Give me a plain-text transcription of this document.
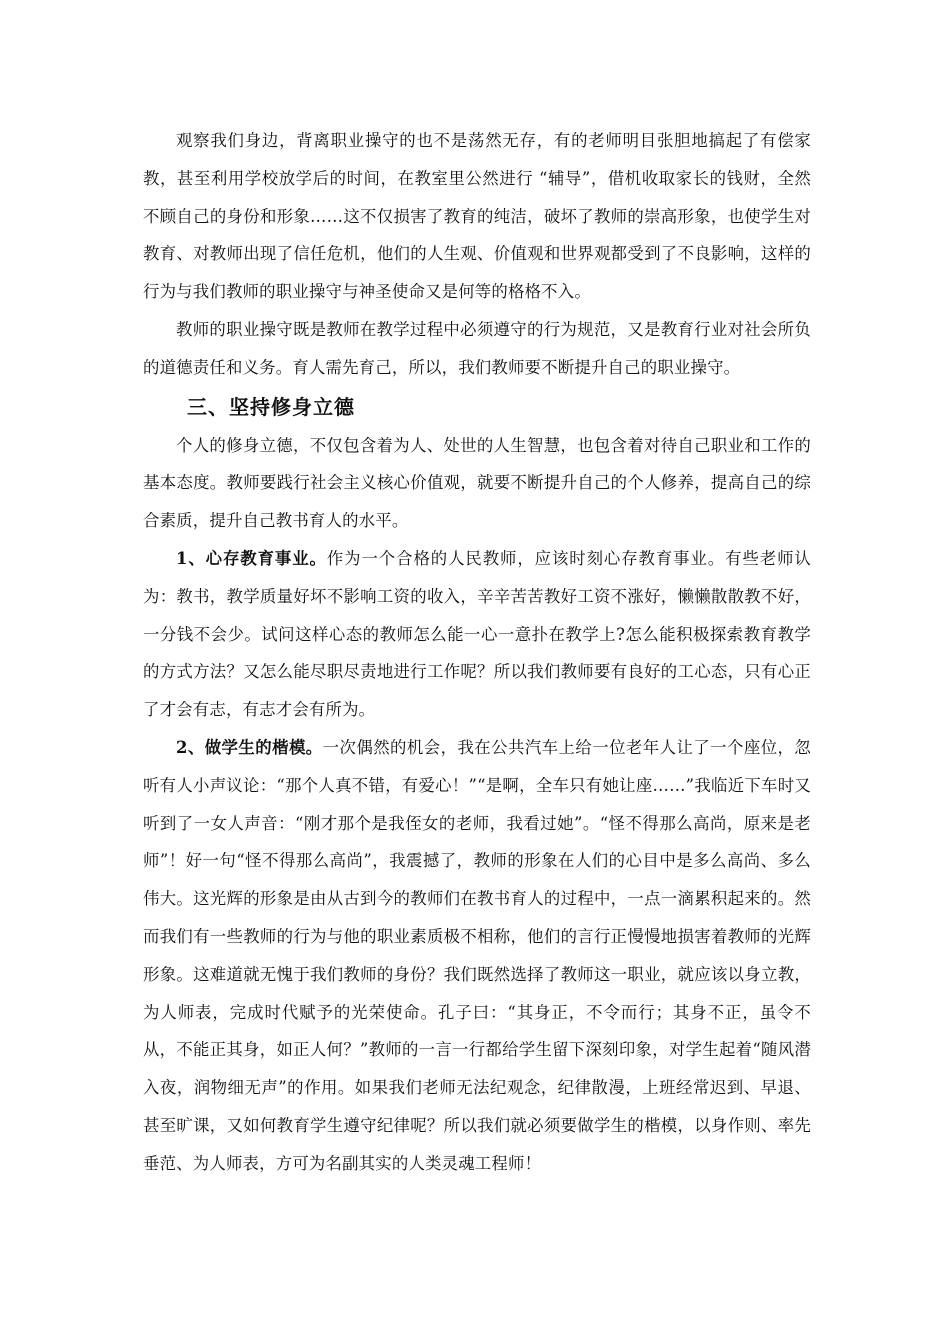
观察我们身边，背离职业操守的也不是荡然无存，有的老师明目张胆地搞起了有偿家教，甚至利用学校放学后的时间，在教室里公然进行 “辅导”，借机收取家长的钱财，全然不顾自己的身份和形象……这不仅损害了教育的纯洁，破坏了教师的崇高形象，也使学生对教育、对教师出现了信任危机，他们的人生观、价值观和世界观都受到了不良影响，这样的行为与我们教师的职业操守与神圣使命又是何等的格格不入。

教师的职业操守既是教师在教学过程中必须遵守的行为规范，又是教育行业对社会所负的道德责任和义务。育人需先育己，所以，我们教师要不断提升自己的职业操守。

三、坚持修身立德

个人的修身立德，不仅包含着为人、处世的人生智慧，也包含着对待自己职业和工作的基本态度。教师要践行社会主义核心价值观，就要不断提升自己的个人修养，提高自己的综合素质，提升自己教书育人的水平。

1、心存教育事业。作为一个合格的人民教师，应该时刻心存教育事业。有些老师认为：教书，教学质量好坏不影响工资的收入，辛辛苦苦教好工资不涨好，懒懒散散教不好，一分钱不会少。试问这样心态的教师怎么能一心一意扑在教学上?怎么能积极探索教育教学的方式方法？又怎么能尽职尽责地进行工作呢？所以我们教师要有良好的工心态，只有心正了才会有志，有志才会有所为。

2、做学生的楷模。一次偶然的机会，我在公共汽车上给一位老年人让了一个座位，忽听有人小声议论：“那个人真不错，有爱心！”“是啊，全车只有她让座……”我临近下车时又听到了一女人声音：“刚才那个是我侄女的老师，我看过她”。“怪不得那么高尚，原来是老师”！好一句“怪不得那么高尚”，我震撼了，教师的形象在人们的心目中是多么高尚、多么伟大。这光辉的形象是由从古到今的教师们在教书育人的过程中，一点一滴累积起来的。然而我们有一些教师的行为与他的职业素质极不相称，他们的言行正慢慢地损害着教师的光辉形象。这难道就无愧于我们教师的身份？我们既然选择了教师这一职业，就应该以身立教，为人师表，完成时代赋予的光荣使命。孔子曰：“其身正，不令而行；其身不正，虽令不从，不能正其身，如正人何？”教师的一言一行都给学生留下深刻印象，对学生起着“随风潜入夜，润物细无声”的作用。如果我们老师无法纪观念，纪律散漫，上班经常迟到、早退、甚至旷课，又如何教育学生遵守纪律呢？所以我们就必须要做学生的楷模，以身作则、率先垂范、为人师表，方可为名副其实的人类灵魂工程师！
